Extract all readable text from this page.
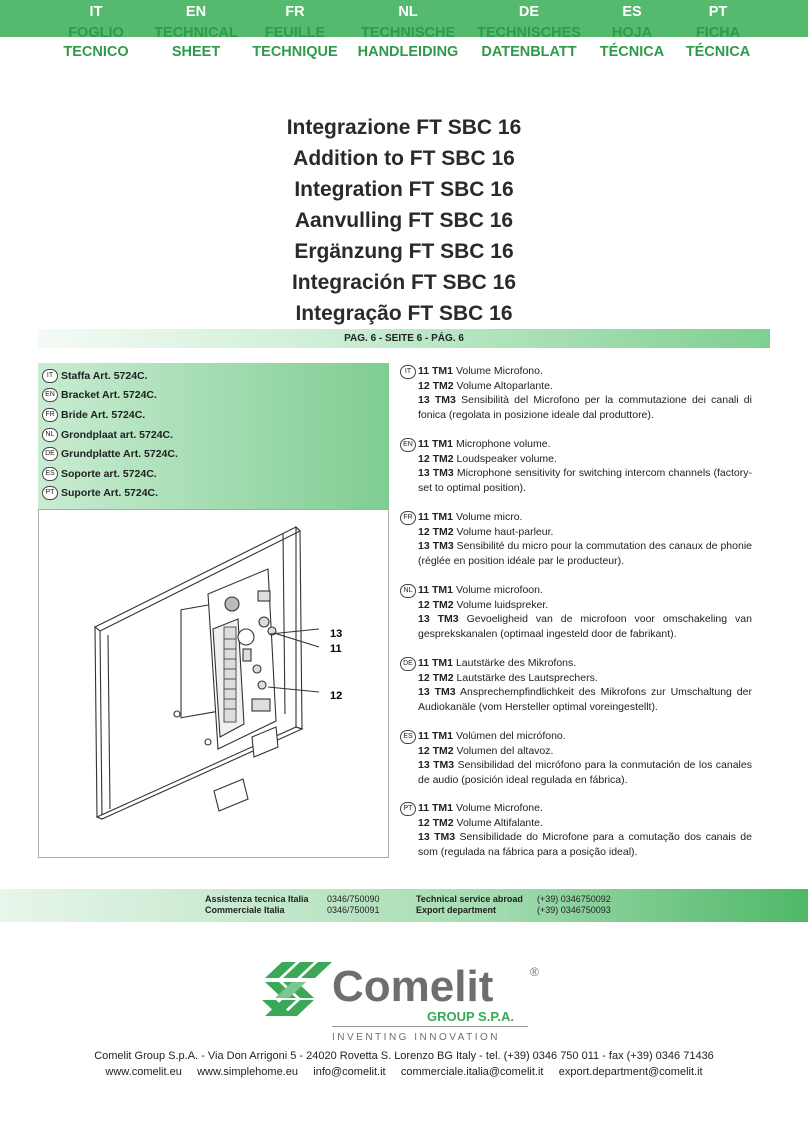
IT
FOGLIO
TECNICO
EN
TECHNICAL
SHEET
FR
FEUILLE
TECHNIQUE
NL
TECHNISCHE
HANDLEIDING
DE
TECHNISCHES
DATENBLATT
ES
HOJA
TÉCNICA
PT
FICHA
TÉCNICA
Integrazione FT SBC 16
Addition to FT SBC 16
Integration FT SBC 16
Aanvulling FT SBC 16
Ergänzung FT SBC 16
Integración FT SBC 16
Integração FT SBC 16
PAG. 6 - SEITE 6 - PÁG. 6
IT Staffa Art. 5724C.
EN Bracket Art. 5724C.
FR Bride Art. 5724C.
NL Grondplaat art. 5724C.
DE Grundplatte Art. 5724C.
ES Soporte art. 5724C.
PT Suporte Art. 5724C.
13
11
12
IT 11 TM1 Volume Microfono.

12 TM2 Volume Altoparlante.

13 TM3 Sensibilità del Microfono per la commutazione dei canali di fonica (regolata in posizione ideale dal produttore).

EN 11 TM1 Microphone volume.

12 TM2 Loudspeaker volume.

13 TM3 Microphone sensitivity for switching intercom channels (factory-set to optimal position).

FR 11 TM1 Volume micro.

12 TM2 Volume haut-parleur.

13 TM3 Sensibilité du micro pour la commutation des canaux de phonie (réglée en position idéale par le producteur).

NL 11 TM1 Volume microfoon.

12 TM2 Volume luidspreker.

13 TM3 Gevoeligheid van de microfoon voor omschakeling van gesprekskanalen (optimaal ingesteld door de fabrikant).

DE 11 TM1 Lautstärke des Mikrofons.

12 TM2 Lautstärke des Lautsprechers.

13 TM3 Ansprechempfindlichkeit des Mikrofons zur Umschaltung der Audiokanäle (vom Hersteller optimal voreingestellt).

ES 11 TM1 Volúmen del micrófono.

12 TM2 Volumen del altavoz.

13 TM3 Sensibilidad del micrófono para la conmutación de los canales de audio (posición ideal regulada en fábrica).

PT 11 TM1 Volume Microfone.

12 TM2 Volume Altifalante.

13 TM3 Sensibilidade do Microfone para a comutação dos canais de som (regulada na fábrica para a posição ideal).

Assistenza tecnica Italia 0346/750090
Commerciale Italia	0346/750091
Technical service abroad (+39) 0346750092
Export department	(+39) 0346750093
Comelit	®
GROUP S.P.A.
INVENTING INNOVATION
Comelit Group S.p.A. - Via Don Arrigoni 5 - 24020 Rovetta S. Lorenzo BG Italy - tel. (+39) 0346 750 011 - fax (+39) 0346 71436
www.comelit.eu     www.simplehome.eu     info@comelit.it     commerciale.italia@comelit.it     export.department@comelit.it
